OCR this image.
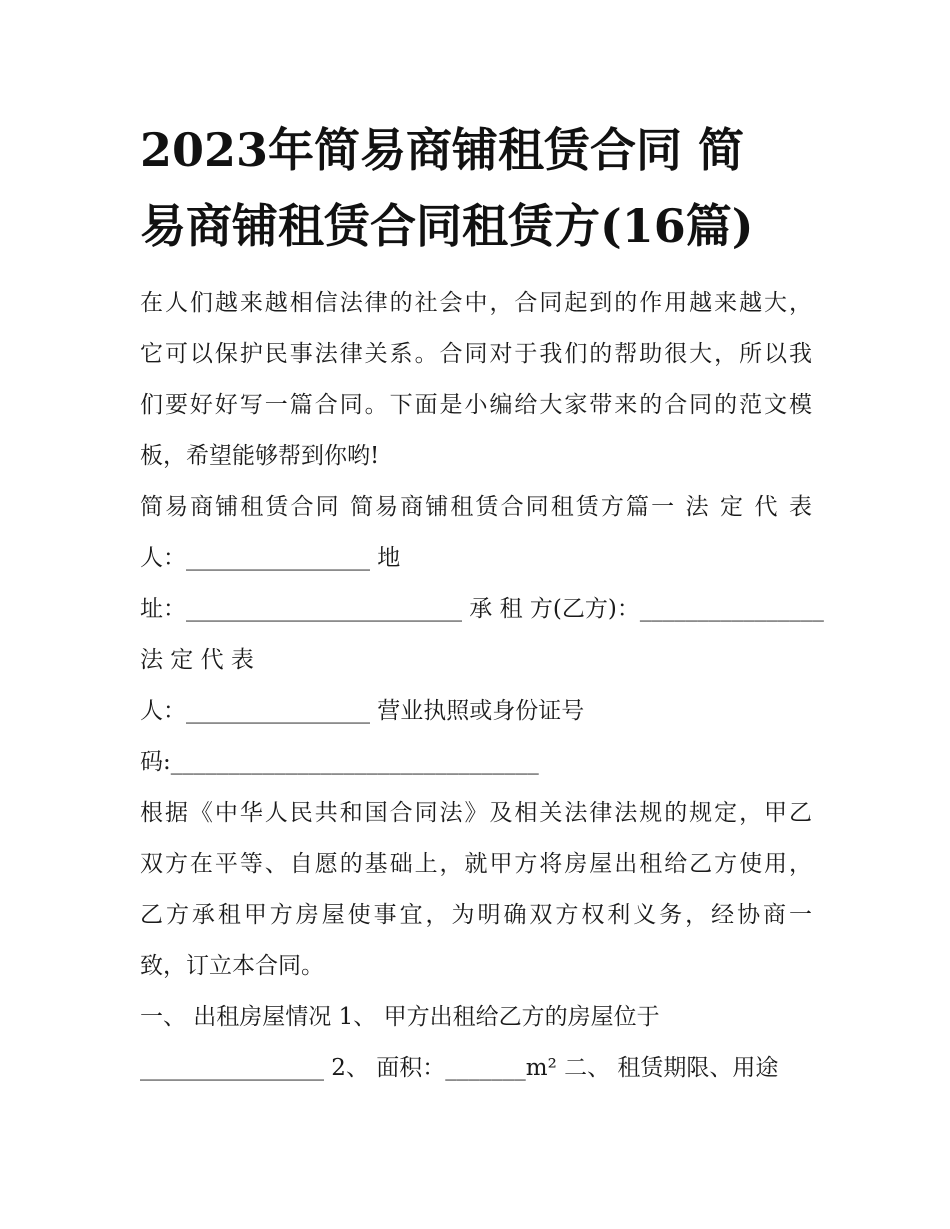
2023年简易商铺租赁合同 简
易商铺租赁合同租赁方(16篇)
在人们越来越相信法律的社会中，合同起到的作用越来越大，
它可以保护民事法律关系。合同对于我们的帮助很大，所以我
们要好好写一篇合同。下面是小编给大家带来的合同的范文模
板，希望能够帮到你哟!
简易商铺租赁合同 简易商铺租赁合同租赁方篇一 法 定 代 表
人：________________ 地
址：________________________ 承 租 方(乙方)：________________
法 定 代 表
人：________________ 营业执照或身份证号
码:________________________________
根据《中华人民共和国合同法》及相关法律法规的规定，甲乙
双方在平等、自愿的基础上，就甲方将房屋出租给乙方使用，
乙方承租甲方房屋使事宜，为明确双方权利义务，经协商一
致，订立本合同。
一、 出租房屋情况 1、 甲方出租给乙方的房屋位于
________________ 2、 面积：_______m² 二、 租赁期限、用途
